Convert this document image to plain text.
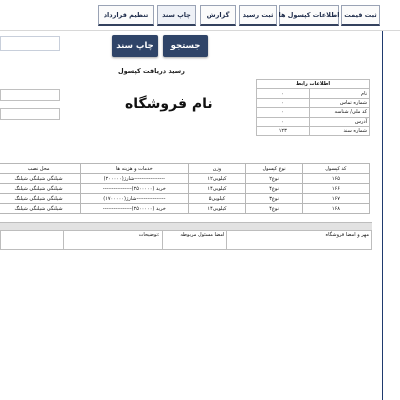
ثبت قیمت
اطلاعات کپسول ها
ثبت رسید
گزارش
چاپ سند
تنظیم قرارداد
جستجو
چاپ سند
رسید دریافت کپسول
نام فروشگاه
اطلاعات رابط	
۰	نام
۰	شماره تماس
۰	کد ملی/ شناسه
۰	آدرس
۱۲۳	شماره سند
محل نصب	خدمات و هزینه ها	وزن	نوع کپسول	کد کپسول
شیلنگی شیلنگی شیلنگ	شارژ(۲۰۰۰۰۰)-----------------	۱۲کیلویی	نوع۲	۱۶۵
شیلنگی شیلنگی شیلنگ	----------------(۲۵۰۰۰۰۰) خرید	۱۴کیلویی	نوع۴	۱۶۶
شیلنگی شیلنگی شیلنگ	شارژ(۱۷۰۰۰۰۰)----------------	۵کیلویی	نوع۳	۱۶۷
شیلنگی شیلنگی شیلنگ	----------------(۲۵۰۰۰۰۰) خرید	۱۴کیلویی	نوع۴	۱۶۸
	توضیحات:	امضا مسئول مربوطه	مهر و امضا فروشگاه
